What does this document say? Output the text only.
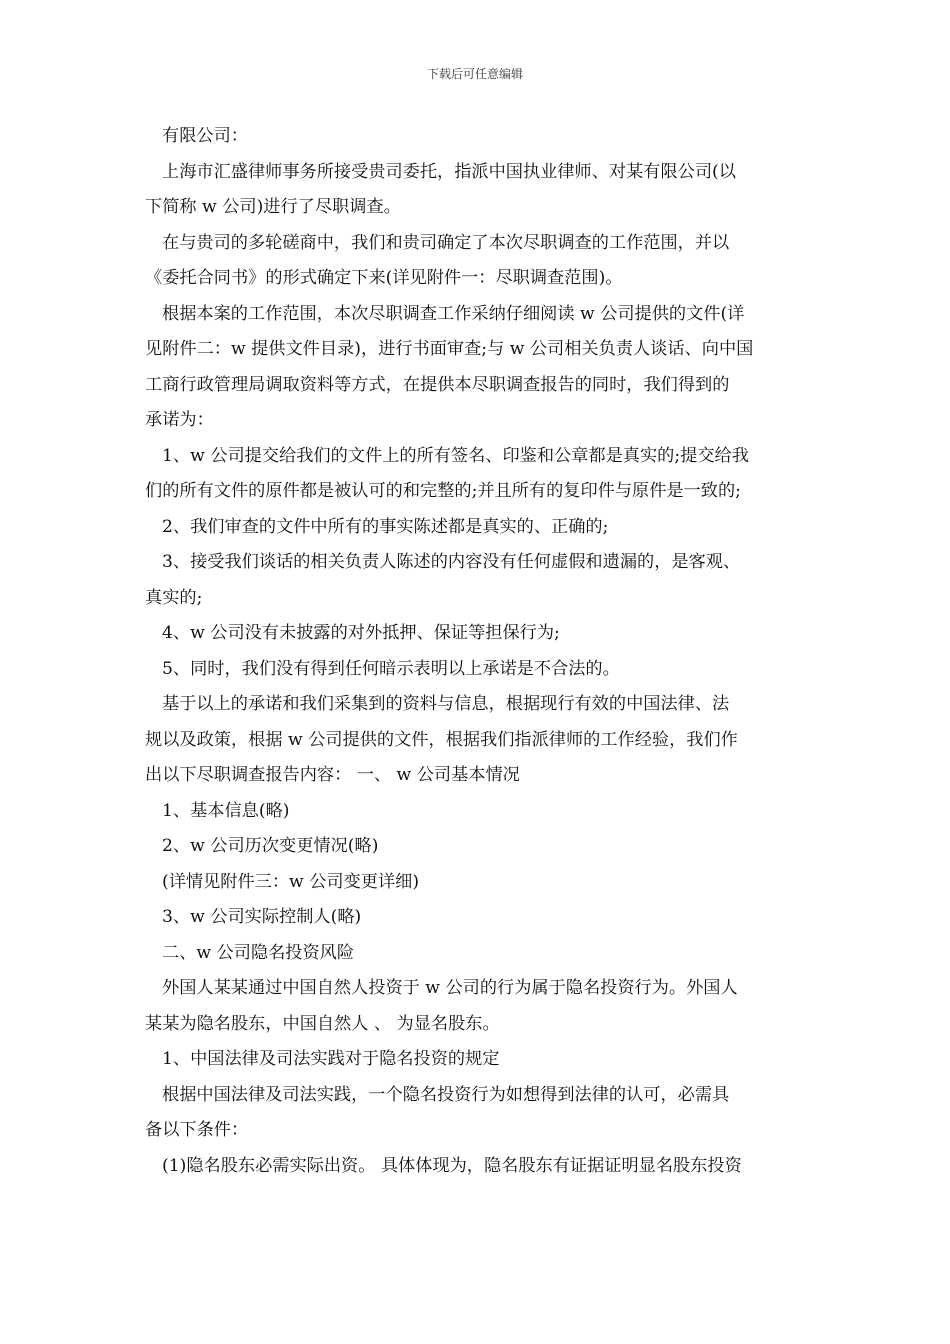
下载后可任意编辑
有限公司：
上海市汇盛律师事务所接受贵司委托，指派中国执业律师、对某有限公司(以
下简称 w 公司)进行了尽职调查。
在与贵司的多轮磋商中，我们和贵司确定了本次尽职调查的工作范围，并以
《委托合同书》的形式确定下来(详见附件一：尽职调查范围)。
根据本案的工作范围，本次尽职调查工作采纳仔细阅读 w 公司提供的文件(详
见附件二：w 提供文件目录)，进行书面审查;与 w 公司相关负责人谈话、向中国
工商行政管理局调取资料等方式，在提供本尽职调查报告的同时，我们得到的
承诺为：
1、w 公司提交给我们的文件上的所有签名、印鉴和公章都是真实的;提交给我
们的所有文件的原件都是被认可的和完整的;并且所有的复印件与原件是一致的;
2、我们审查的文件中所有的事实陈述都是真实的、正确的;
3、接受我们谈话的相关负责人陈述的内容没有任何虚假和遗漏的，是客观、
真实的;
4、w 公司没有未披露的对外抵押、保证等担保行为;
5、同时，我们没有得到任何暗示表明以上承诺是不合法的。
基于以上的承诺和我们采集到的资料与信息，根据现行有效的中国法律、法
规以及政策，根据 w 公司提供的文件，根据我们指派律师的工作经验，我们作
出以下尽职调查报告内容： 一、 w 公司基本情况
1、基本信息(略)
2、w 公司历次变更情况(略)
(详情见附件三：w 公司变更详细)
3、w 公司实际控制人(略)
二、w 公司隐名投资风险
外国人某某通过中国自然人投资于 w 公司的行为属于隐名投资行为。外国人
某某为隐名股东，中国自然人 、 为显名股东。
1、中国法律及司法实践对于隐名投资的规定
根据中国法律及司法实践，一个隐名投资行为如想得到法律的认可，必需具
备以下条件：
(1)隐名股东必需实际出资。 具体体现为，隐名股东有证据证明显名股东投资
